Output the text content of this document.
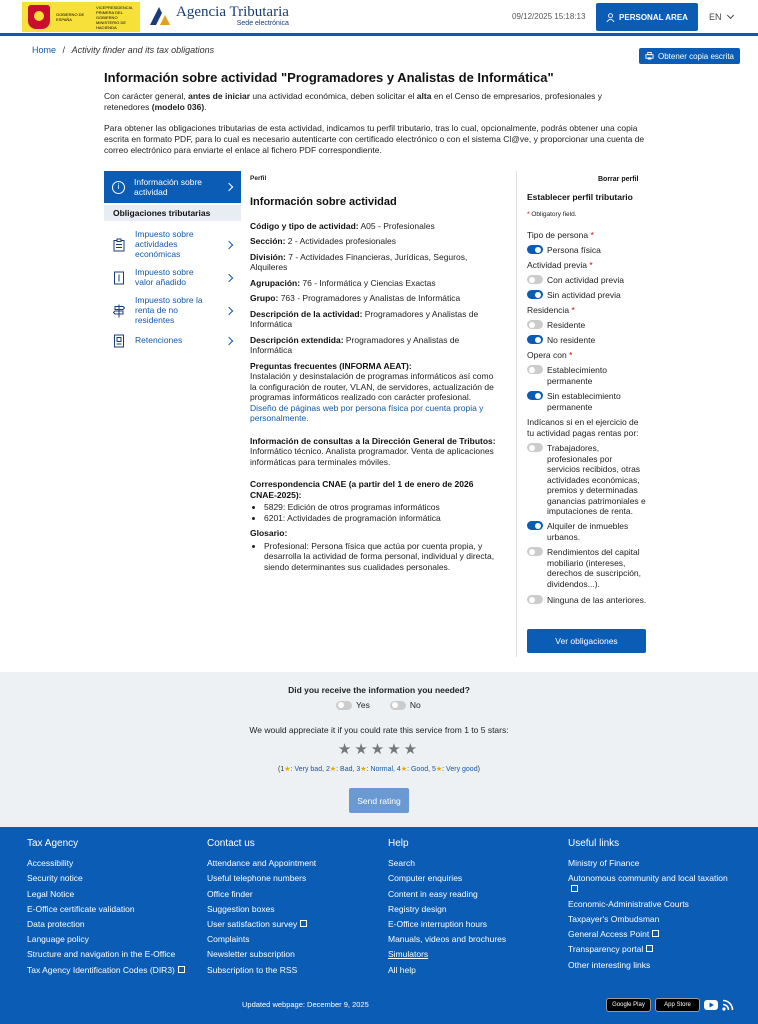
GOBIERNO DE ESPAÑA
VICEPRESIDENCIA PRIMERA DEL GOBIERNO MINISTERIO DE HACIENDA
Agencia Tributaria
Sede electrónica
09/12/2025 15:18:13	PERSONAL AREA EN
Home / Activity finder and its tax obligations
Obtener copia escrita
Información sobre actividad "Programadores y Analistas de Informática"

Con carácter general, antes de iniciar una actividad económica, deben solicitar el alta en el Censo de empresarios, profesionales y retenedores (modelo 036).

Para obtener las obligaciones tributarias de esta actividad, indicamos tu perfil tributario, tras lo cual, opcionalmente, podrás obtener una copia escrita en formato PDF, para lo cual es necesario autenticarte con certificado electrónico o con el sistema Cl@ve, y proporcionar una cuenta de correo electrónico para enviarte el enlace al fichero PDF correspondiente.

i	Información sobre actividad
Obligaciones tributarias
Impuesto sobre actividades económicas
Impuesto sobre valor añadido
Impuesto sobre la renta de no residentes
Retenciones
Perfil
Información sobre actividad
Código y tipo de actividad: A05 - Profesionales
Sección: 2 - Actividades profesionales
División: 7 - Actividades Financieras, Jurídicas, Seguros, Alquileres
Agrupación: 76 - Informática y Ciencias Exactas
Grupo: 763 - Programadores y Analistas de Informática
Descripción de la actividad: Programadores y Analistas de Informática
Descripción extendida: Programadores y Analistas de Informática
Preguntas frecuentes (INFORMA AEAT):
Instalación y desinstalación de programas informáticos así como la configuración de router, VLAN, de servidores, actualización de programas informáticos realizado con carácter profesional.
Diseño de páginas web por persona física por cuenta propia y personalmente.
Información de consultas a la Dirección General de Tributos: Informático técnico. Analista programador. Venta de aplicaciones informáticas para terminales móviles.
Correspondencia CNAE (a partir del 1 de enero de 2026 CNAE-2025):
• 5829: Edición de otros programas informáticos
• 6201: Actividades de programación informática
Glosario:
• Profesional: Persona física que actúa por cuenta propia, y desarrolla la actividad de forma personal, individual y directa, siendo determinantes sus cualidades personales.
Borrar perfil
Establecer perfil tributario
* Obligatory field.
Tipo de persona *
Persona física
Actividad previa *
Con actividad previa
Sin actividad previa
Residencia *
Residente
No residente
Opera con *
Establecimiento permanente
Sin establecimiento permanente
Indícanos si en el ejercicio de tu actividad pagas rentas por:
Trabajadores, profesionales por servicios recibidos, otras actividades económicas, premios y determinadas ganancias patrimoniales e imputaciones de renta.
Alquiler de inmuebles urbanos.
Rendimientos del capital mobiliario (intereses, derechos de suscripción, dividendos...).
Ninguna de las anteriores.
Ver obligaciones
Did you receive the information you needed?
Yes	No
We would appreciate it if you could rate this service from 1 to 5 stars:
★★★★★
(1★: Very bad, 2★: Bad, 3★: Normal, 4★: Good, 5★: Very good)
Send rating
Tax Agency
Accessibility
Security notice
Legal Notice
E-Office certificate validation
Data protection
Language policy
Structure and navigation in the E-Office
Tax Agency Identification Codes (DIR3)
Contact us
Attendance and Appointment
Useful telephone numbers
Office finder
Suggestion boxes
User satisfaction survey
Complaints
Newsletter subscription
Subscription to the RSS
Help
Search
Computer enquiries
Content in easy reading
Registry design
E-Office interruption hours
Manuals, videos and brochures
Simulators
All help
Useful links
Ministry of Finance
Autonomous community and local taxation
Economic-Administrative Courts
Taxpayer's Ombudsman
General Access Point
Transparency portal
Other interesting links
Updated webpage: December 9, 2025	Google Play	App Store
